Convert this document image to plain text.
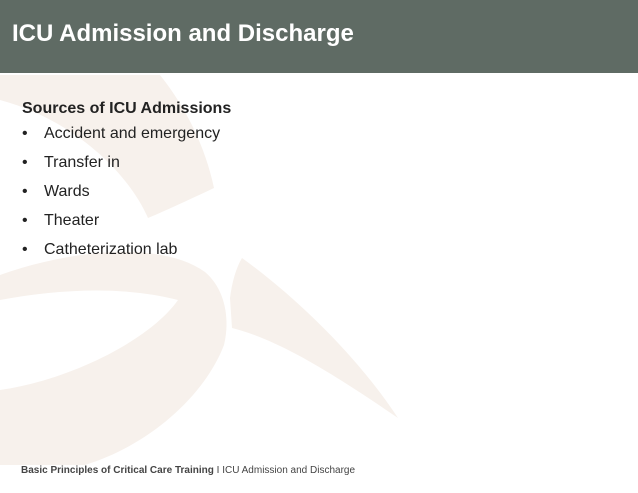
ICU Admission and Discharge
Sources of ICU Admissions
• Accident and emergency
• Transfer in
• Wards
• Theater
• Catheterization lab
Basic Principles of Critical Care Training I ICU Admission and Discharge
